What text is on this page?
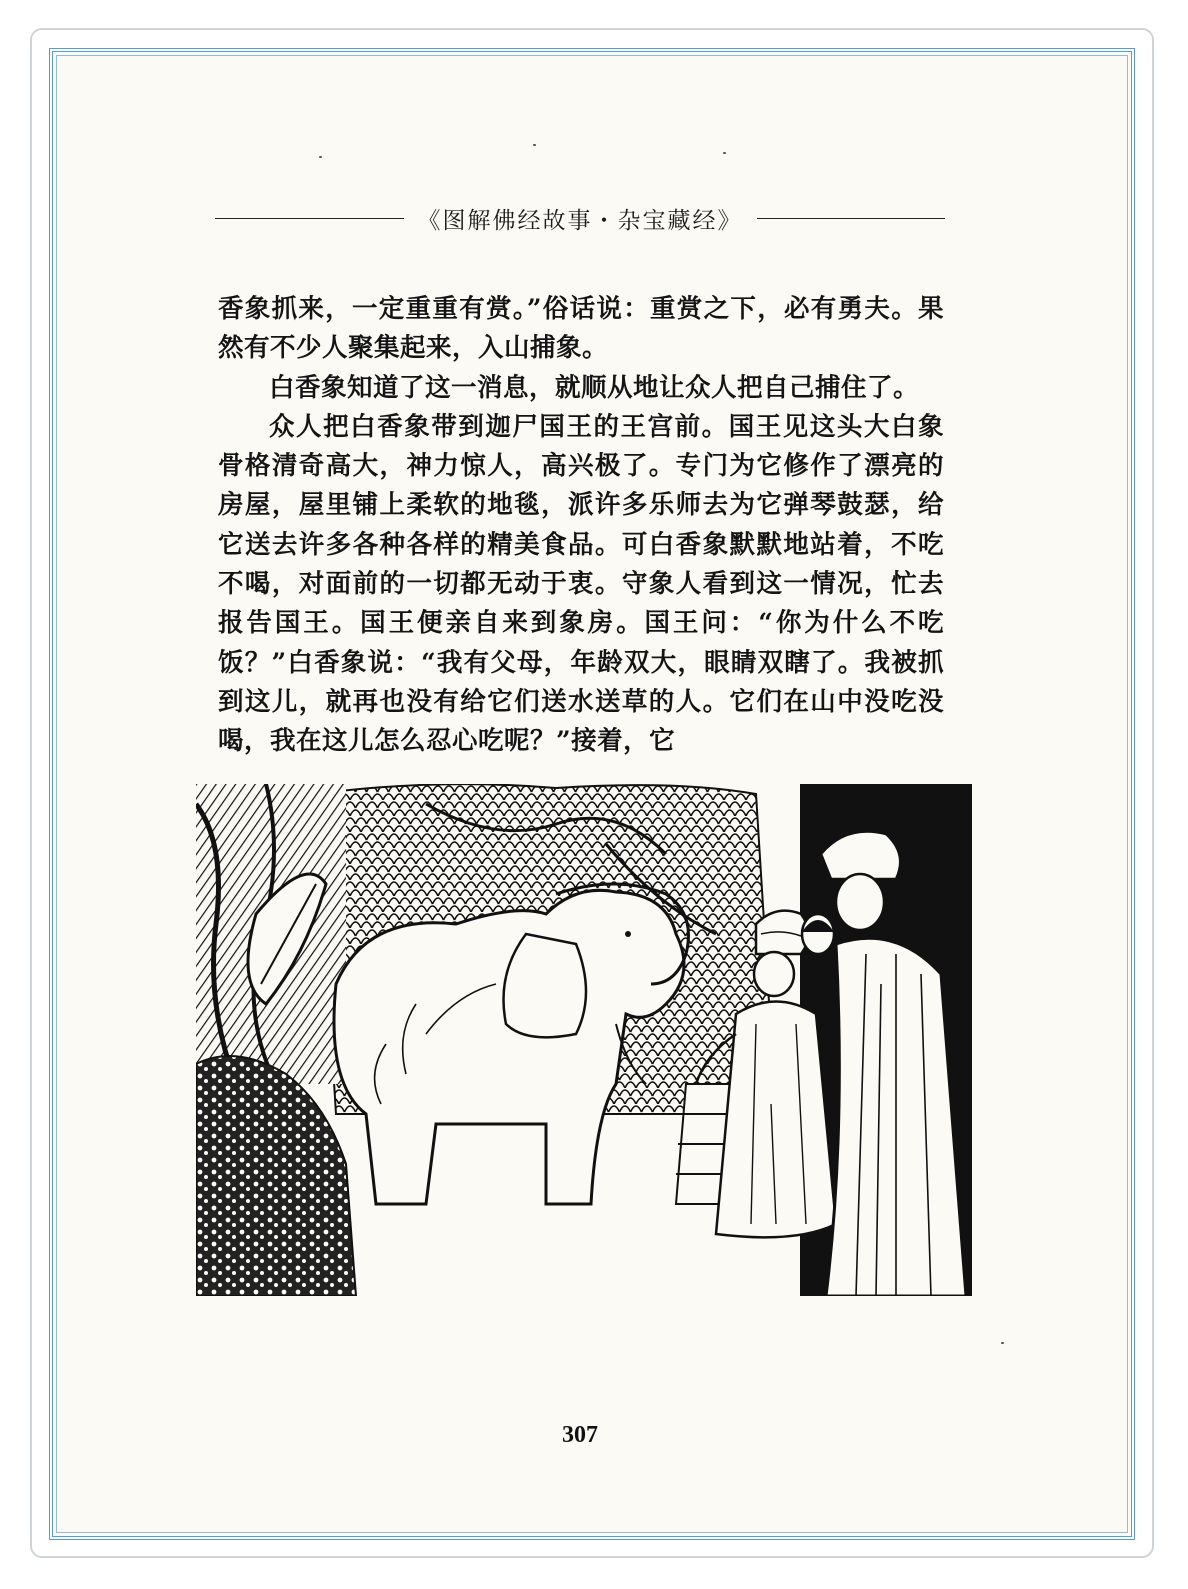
《图解佛经故事・杂宝藏经》

香象抓来，一定重重有赏。”俗话说：重赏之下，必有勇夫。果然有不少人聚集起来，入山捕象。

白香象知道了这一消息，就顺从地让众人把自己捕住了。

众人把白香象带到迦尸国王的王宫前。国王见这头大白象骨格清奇高大，神力惊人，高兴极了。专门为它修作了漂亮的房屋，屋里铺上柔软的地毯，派许多乐师去为它弹琴鼓瑟，给它送去许多各种各样的精美食品。可白香象默默地站着，不吃不喝，对面前的一切都无动于衷。守象人看到这一情况，忙去报告国王。国王便亲自来到象房。国王问：“你为什么不吃饭？”白香象说：“我有父母，年龄双大，眼睛双瞎了。我被抓到这儿，就再也没有给它们送水送草的人。它们在山中没吃没喝，我在这儿怎么忍心吃呢？”接着，它

307
